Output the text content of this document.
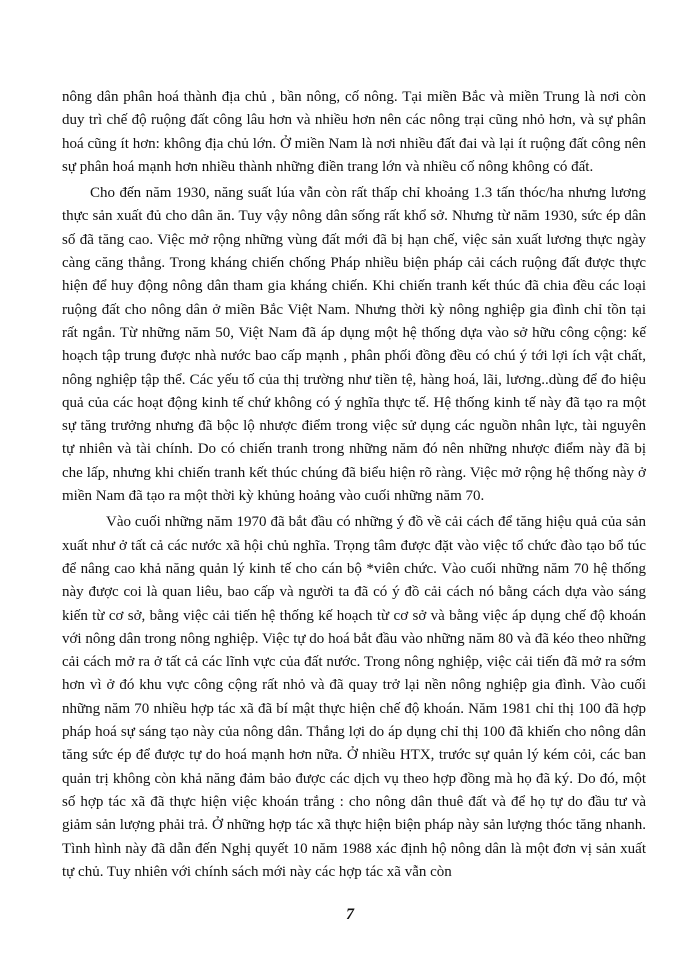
nông dân phân hoá thành địa chủ , bần nông, cố nông. Tại miền Bắc và miền Trung là nơi còn duy trì chế độ ruộng đất công lâu hơn và nhiều hơn nên các nông trại cũng nhỏ hơn, và sự phân hoá cũng ít hơn: không địa chủ lớn. Ở miền Nam là nơi nhiều đất đai và lại ít ruộng đất công nên sự phân hoá mạnh hơn nhiều thành những điền trang lớn và nhiều cố nông không có đất.

Cho đến năm 1930, năng suất lúa vẫn còn rất thấp chỉ khoảng 1.3 tấn thóc/ha nhưng lương thực sản xuất đủ cho dân ăn. Tuy vậy nông dân sống rất khổ sở. Nhưng từ năm 1930, sức ép dân số đã tăng cao. Việc mở rộng những vùng đất mới đã bị hạn chế, việc sản xuất lương thực ngày càng căng thẳng. Trong kháng chiến chống Pháp nhiều biện pháp cải cách ruộng đất được thực hiện để huy động nông dân tham gia kháng chiến. Khi chiến tranh kết thúc đã chia đều các loại ruộng đất cho nông dân ở miền Bắc Việt Nam. Nhưng thời kỳ nông nghiệp gia đình chỉ tồn tại rất ngắn. Từ những năm 50, Việt Nam đã áp dụng một hệ thống dựa vào sở hữu công cộng: kế hoạch tập trung được nhà nước bao cấp mạnh , phân phối đồng đều có chú ý tới lợi ích vật chất, nông nghiệp tập thể. Các yếu tố của thị trường như tiền tệ, hàng hoá, lãi, lương..dùng để đo hiệu quả của các hoạt động kinh tế chứ không có ý nghĩa thực tế. Hệ thống kinh tế này đã tạo ra một sự tăng trưởng nhưng đã bộc lộ nhược điểm trong việc sử dụng các nguồn nhân lực, tài nguyên tự nhiên và tài chính. Do có chiến tranh trong những năm đó nên những nhược điểm này đã bị che lấp, nhưng khi chiến tranh kết thúc chúng đã biểu hiện rõ ràng. Việc mở rộng hệ thống này ở miền Nam đã tạo ra một thời kỳ khủng hoảng vào cuối những năm 70.

Vào cuối những năm 1970 đã bắt đầu có những ý đồ về cải cách để tăng hiệu quả của sản xuất như ở tất cả các nước xã hội chủ nghĩa. Trọng tâm được đặt vào việc tổ chức đào tạo bổ túc để nâng cao khả năng quản lý kinh tế cho cán bộ *viên chức. Vào cuối những năm 70 hệ thống này được coi là quan liêu, bao cấp và người ta đã có ý đồ cải cách nó bằng cách dựa vào sáng kiến từ cơ sở, bằng việc cải tiến hệ thống kế hoạch từ cơ sở và bằng việc áp dụng chế độ khoán với nông dân trong nông nghiệp. Việc tự do hoá bắt đầu vào những năm 80 và đã kéo theo những cải cách mở ra ở tất cả các lĩnh vực của đất nước. Trong nông nghiệp, việc cải tiến đã mở ra sớm hơn vì ở đó khu vực công cộng rất nhỏ và đã quay trở lại nền nông nghiệp gia đình. Vào cuối những năm 70 nhiều hợp tác xã đã bí mật thực hiện chế độ khoán. Năm 1981 chỉ thị 100 đã hợp pháp hoá sự sáng tạo này của nông dân. Thắng lợi do áp dụng chỉ thị 100 đã khiến cho nông dân tăng sức ép để được tự do hoá mạnh hơn nữa. Ở nhiều HTX, trước sự quản lý kém cỏi, các ban quản trị không còn khả năng đảm bảo được các dịch vụ theo hợp đồng mà họ đã ký. Do đó, một số hợp tác xã đã thực hiện việc khoán trắng : cho nông dân thuê đất và để họ tự do đầu tư và giảm sản lượng phải trả. Ở những hợp tác xã thực hiện biện pháp này sản lượng thóc tăng nhanh. Tình hình này đã dẫn đến Nghị quyết 10 năm 1988 xác định hộ nông dân là một đơn vị sản xuất tự chủ. Tuy nhiên với chính sách mới này các hợp tác xã vẫn còn

7
